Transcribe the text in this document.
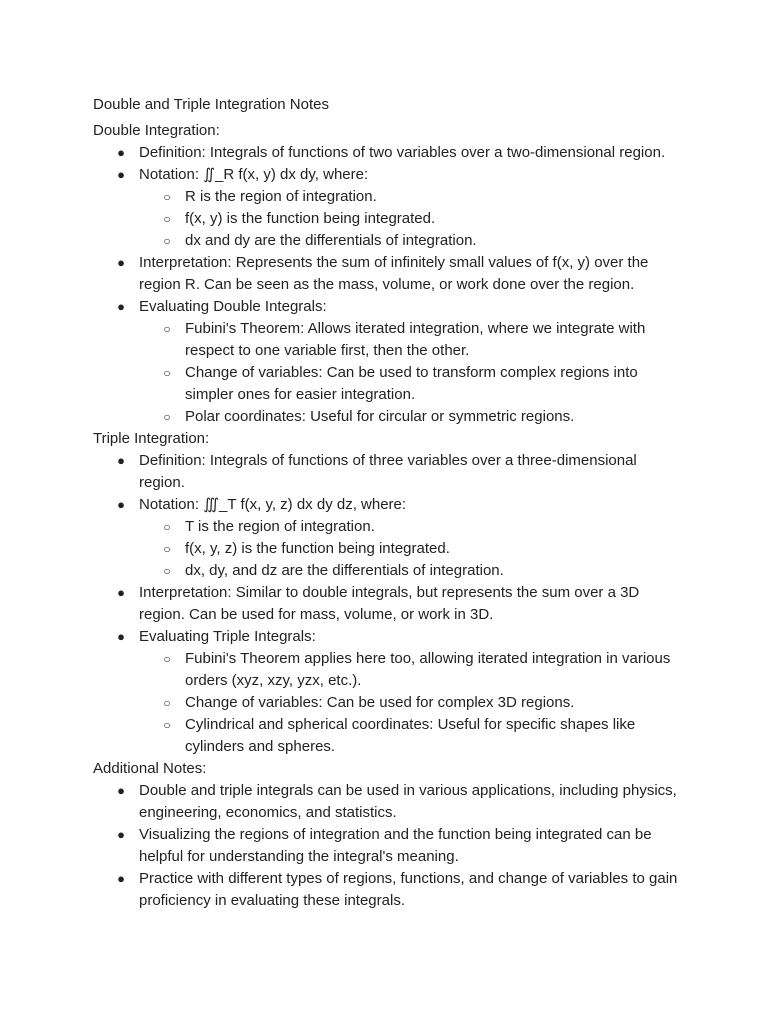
Double and Triple Integration Notes

Double Integration:

● Definition: Integrals of functions of two variables over a two-dimensional region.
● Notation: ∬_R f(x, y) dx dy, where:
○ R is the region of integration.
○ f(x, y) is the function being integrated.
○ dx and dy are the differentials of integration.
● Interpretation: Represents the sum of infinitely small values of f(x, y) over the region R. Can be seen as the mass, volume, or work done over the region.
● Evaluating Double Integrals:
○ Fubini's Theorem: Allows iterated integration, where we integrate with respect to one variable first, then the other.
○ Change of variables: Can be used to transform complex regions into simpler ones for easier integration.
○ Polar coordinates: Useful for circular or symmetric regions.

Triple Integration:

● Definition: Integrals of functions of three variables over a three-dimensional region.
● Notation: ∭_T f(x, y, z) dx dy dz, where:
○ T is the region of integration.
○ f(x, y, z) is the function being integrated.
○ dx, dy, and dz are the differentials of integration.
● Interpretation: Similar to double integrals, but represents the sum over a 3D region. Can be used for mass, volume, or work in 3D.
● Evaluating Triple Integrals:
○ Fubini's Theorem applies here too, allowing iterated integration in various orders (xyz, xzy, yzx, etc.).
○ Change of variables: Can be used for complex 3D regions.
○ Cylindrical and spherical coordinates: Useful for specific shapes like cylinders and spheres.

Additional Notes:

● Double and triple integrals can be used in various applications, including physics, engineering, economics, and statistics.
● Visualizing the regions of integration and the function being integrated can be helpful for understanding the integral's meaning.
● Practice with different types of regions, functions, and change of variables to gain proficiency in evaluating these integrals.
